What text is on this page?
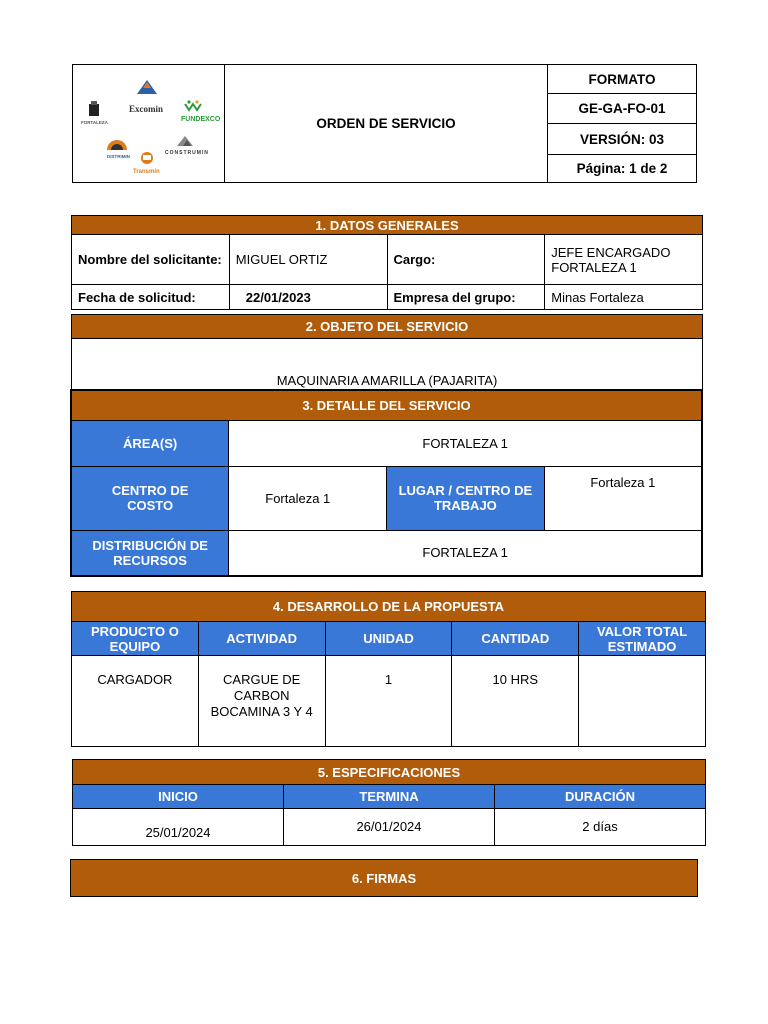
Excomin
FORTALEZA	FUNDEXCO
DISTRIMIN
CONSTRUMIN
Transmin
	ORDEN DE SERVICIO	FORMATO
GE-GA-FO-01
VERSIÓN: 03
Página: 1 de 2
1. DATOS GENERALES			
Nombre del solicitante:	MIGUEL ORTIZ	Cargo:	JEFE ENCARGADO FORTALEZA 1
Fecha de solicitud:	22/01/2023	Empresa del grupo:	Minas Fortaleza
2. OBJETO DEL SERVICIO
MAQUINARIA AMARILLA (PAJARITA)
3. DETALLE DEL SERVICIO			
ÁREA(S)	FORTALEZA 1		
CENTRO DE COSTO	Fortaleza 1	LUGAR / CENTRO DE TRABAJO	Fortaleza 1
DISTRIBUCIÓN DE RECURSOS	FORTALEZA 1		
4. DESARROLLO DE LA PROPUESTA				
PRODUCTO O EQUIPO	ACTIVIDAD	UNIDAD	CANTIDAD	VALOR TOTAL ESTIMADO
CARGADOR	CARGUE DE CARBON BOCAMINA 3 Y 4	1	10 HRS	
5. ESPECIFICACIONES		
INICIO	TERMINA	DURACIÓN
25/01/2024	26/01/2024	2 días
6. FIRMAS
